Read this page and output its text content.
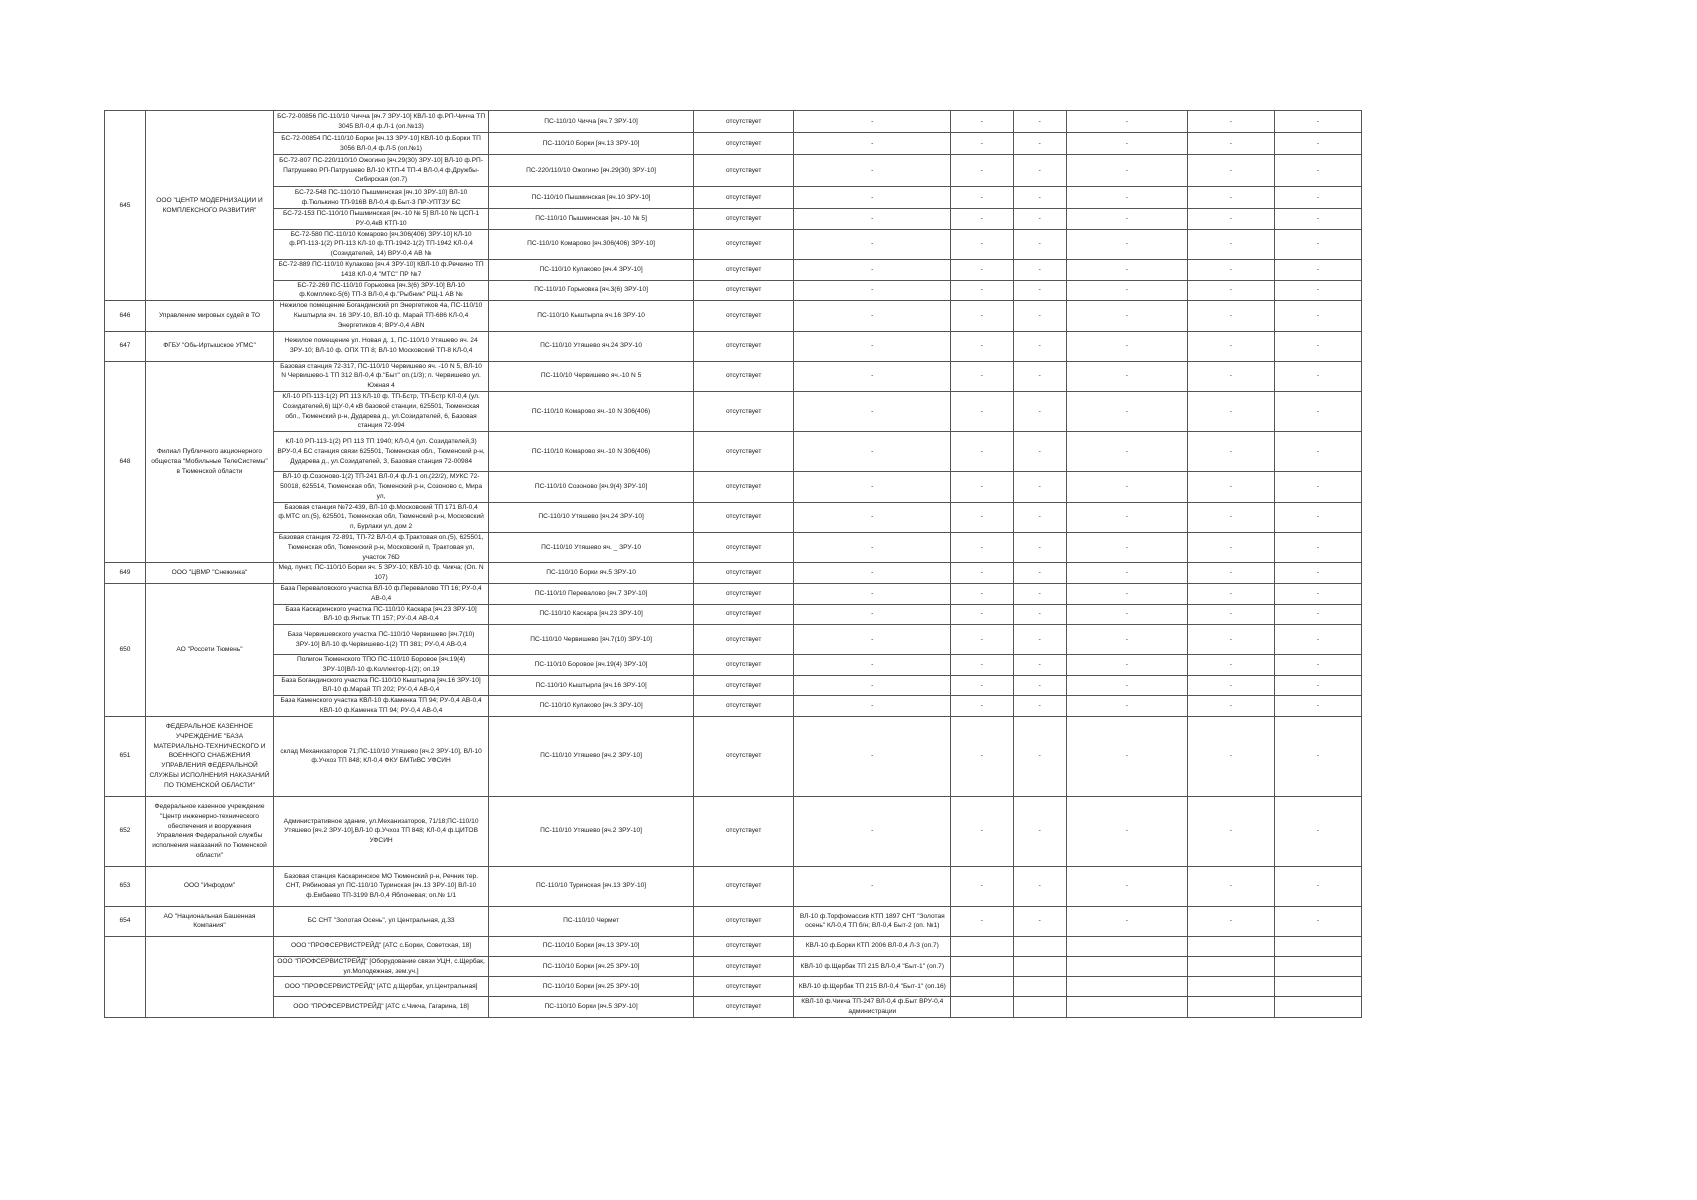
645	ООО "ЦЕНТР МОДЕРНИЗАЦИИ И КОМПЛЕКСНОГО РАЗВИТИЯ"	БС-72-00856 ПС-110/10 Чичча [яч.7 ЗРУ-10] КВЛ-10 ф.РП-Чичча ТП 3045 ВЛ-0,4 ф.Л-1 (оп.№13)	ПС-110/10 Чичча [яч.7 ЗРУ-10]	отсутствует	-	-	-	-	-	-
		БС-72-00854 ПС-110/10 Борки [яч.13 ЗРУ-10] КВЛ-10 ф.Борки ТП 3056 ВЛ-0,4 ф.Л-5 (оп.№1)	ПС-110/10 Борки [яч.13 ЗРУ-10]	отсутствует	-	-	-	-	-	-
		БС-72-807 ПС-220/110/10 Ожогино [яч.29(30) ЗРУ-10] ВЛ-10 ф.РП-Патрушево РП-Патрушево ВЛ-10 КТП-4 ТП-4 ВЛ-0,4 ф.Дружбы-Сибирская (оп.7)	ПС-220/110/10 Ожогино [яч.29(30) ЗРУ-10]	отсутствует	-	-	-	-	-	-
		БС-72-548 ПС-110/10 Пышминская [яч.10 ЗРУ-10] ВЛ-10 ф.Тюлькино ТП-916В ВЛ-0,4 ф.Быт-3 ПР-УПТЗУ БС	ПС-110/10 Пышминская [яч.10 ЗРУ-10]	отсутствует	-	-	-	-	-	-
		БС-72-153 ПС-110/10 Пышминская [яч.-10 № 5] ВЛ-10 № ЦСП-1 РУ-0,4кВ КТП-10	ПС-110/10 Пышминская [яч.-10 № 5]	отсутствует	-	-	-	-	-	-
		БС-72-580 ПС-110/10 Комарово [яч.306(406) ЗРУ-10] КЛ-10 ф.РП-113-1(2) РП-113 КЛ-10 ф.ТП-1942-1(2) ТП-1942 КЛ-0,4 (Созидателей, 14) ВРУ-0,4 АВ №	ПС-110/10 Комарово [яч.306(406) ЗРУ-10]	отсутствует	-	-	-	-	-	-
		БС-72-889 ПС-110/10 Кулаково [яч.4 ЗРУ-10] КВЛ-10 ф.Речкино ТП 1418 КЛ-0,4 "МТС" ПР №7	ПС-110/10 Кулаково [яч.4 ЗРУ-10]	отсутствует	-	-	-	-	-	-
		БС-72-269 ПС-110/10 Горьковка [яч.3(6) ЗРУ-10] ВЛ-10 ф.Комплекс-5(6) ТП-3 ВЛ-0,4 ф."Рыбник" РЩ-1 АВ №	ПС-110/10 Горьковка [яч.3(6) ЗРУ-10]	отсутствует	-	-	-	-	-	-
646	Управление мировых судей в ТО	Нежилое помещение Богандинский рп Энергетиков 4а, ПС-110/10 Кыштырла яч. 16 ЗРУ-10, ВЛ-10 ф. Марай ТП-686 КЛ-0,4 Энергетиков 4; ВРУ-0,4 АВN	ПС-110/10 Кыштырла яч.16 ЗРУ-10	отсутствует	-	-	-	-	-	-
647	ФГБУ "Обь-Иртышское УГМС"	Нежилое помещение ул. Новая д. 1, ПС-110/10 Утяшево яч. 24 ЗРУ-10; ВЛ-10 ф. ОПХ ТП 8; ВЛ-10 Московский ТП-8 КЛ-0,4	ПС-110/10 Утяшево яч.24 ЗРУ-10	отсутствует	-	-	-	-	-	-
648	Филиал Публичного акционерного общества "Мобильные ТелеСистемы" в Тюменской области	Базовая станция 72-317, ПС-110/10 Червишево яч. -10 N 5, ВЛ-10 N Червишево-1 ТП 312 ВЛ-0,4 ф."Быт" оп.(1/3); п. Червишево ул. Южная 4	ПС-110/10 Червишево яч.-10 N 5	отсутствует	-	-	-	-	-	-
		КЛ-10 РП-113-1(2) РП 113 КЛ-10 ф. ТП-Бстр, ТП-Бстр КЛ-0,4 (ул. Созидателей,6) ЩУ-0,4 кВ базовой станции, 625501, Тюменская обл., Тюменский р-н, Дударева д., ул.Созидателей, 6, Базовая станция 72-994	ПС-110/10 Комарово яч.-10 N 306(406)	отсутствует	-	-	-	-	-	-
		КЛ-10 РП-113-1(2) РП 113 ТП 1940; КЛ-0,4 (ул. Созидателей,3) ВРУ-0,4 БС станция связи 625501, Тюменская обл., Тюменский р-н, Дударева д., ул.Созидателей, 3, Базовая станция 72-00984	ПС-110/10 Комарово яч.-10 N 306(406)	отсутствует	-	-	-	-	-	-
		ВЛ-10 ф.Созоново-1(2) ТП-241 ВЛ-0,4 ф.Л-1 оп.(22/2), МУКС 72-50018, 625514, Тюменская обл, Тюменский р-н, Созоново с, Мира ул,	ПС-110/10 Созоново [яч.9(4) ЗРУ-10]	отсутствует	-	-	-	-	-	-
		Базовая станция №72-439, ВЛ-10 ф.Московский ТП 171 ВЛ-0,4 ф.МТС оп.(5), 625501, Тюменская обл, Тюменский р-н, Московский п, Бурлаки ул, дом 2	ПС-110/10 Утяшево [яч.24 ЗРУ-10]	отсутствует	-	-	-	-	-	-
		Базовая станция 72-891, ТП-72 ВЛ-0,4 ф.Трактовая оп.(5), 625501, Тюменская обл, Тюменский р-н, Московский п, Трактовая ул, участок 76D	ПС-110/10 Утяшево яч. _ ЗРУ-10	отсутствует	-	-	-	-	-	-
649	ООО "ЦВМР "Снежинка"	Мед. пункт, ПС-110/10 Борки яч. 5 ЗРУ-10; КВЛ-10 ф. Чикча; (Оп. N 107)	ПС-110/10 Борки яч.5 ЗРУ-10	отсутствует	-	-	-	-	-	-
650	АО "Россети Тюмень"	База Переваловского участка ВЛ-10 ф.Перевалово ТП 16; РУ-0,4 АВ-0,4	ПС-110/10 Перевалово [яч.7 ЗРУ-10]	отсутствует	-	-	-	-	-	-
		База Каскаринского участка ПС-110/10 Каскара [яч.23 ЗРУ-10] ВЛ-10 ф.Янтык ТП 157; РУ-0,4 АВ-0,4	ПС-110/10 Каскара [яч.23 ЗРУ-10]	отсутствует	-	-	-	-	-	-
		База Червишевского участка ПС-110/10 Червишево [яч.7(10) ЗРУ-10] ВЛ-10 ф.Червишево-1(2) ТП 381; РУ-0,4 АВ-0,4	ПС-110/10 Червишево [яч.7(10) ЗРУ-10]	отсутствует	-	-	-	-	-	-
		Полигон Тюменского ТПО ПС-110/10 Боровое [яч.19(4) ЗРУ-10]ВЛ-10 ф.Коллектор-1(2); оп.19	ПС-110/10 Боровое [яч.19(4) ЗРУ-10]	отсутствует	-	-	-	-	-	-
		База Богандинского участка ПС-110/10 Кыштырла [яч.16 ЗРУ-10] ВЛ-10 ф.Марай ТП 202; РУ-0,4 АВ-0,4	ПС-110/10 Кыштырла [яч.16 ЗРУ-10]	отсутствует	-	-	-	-	-	-
		База Каменского участка КВЛ-10 ф.Каменка ТП 94; РУ-0,4 АВ-0,4 КВЛ-10 ф.Каменка ТП 94; РУ-0,4 АВ-0,4	ПС-110/10 Кулаково [яч.3 ЗРУ-10]	отсутствует	-	-	-	-	-	-
651	ФЕДЕРАЛЬНОЕ КАЗЕННОЕ УЧРЕЖДЕНИЕ "БАЗА МАТЕРИАЛЬНО-ТЕХНИЧЕСКОГО И ВОЕННОГО СНАБЖЕНИЯ УПРАВЛЕНИЯ ФЕДЕРАЛЬНОЙ СЛУЖБЫ ИСПОЛНЕНИЯ НАКАЗАНИЙ ПО ТЮМЕНСКОЙ ОБЛАСТИ"	склад Механизаторов 71;ПС-110/10 Утяшево [яч.2 ЗРУ-10], ВЛ-10 ф.Учхоз ТП 848; КЛ-0,4 ФКУ БМТиВС УФСИН	ПС-110/10 Утяшево [яч.2 ЗРУ-10]	отсутствует	-	-	-	-	-	-
652	Федеральное казенное учреждение "Центр инженерно-технического обеспечения и вооружения Управления Федеральной службы исполнения наказаний по Тюменской области"	Административное здание, ул.Механизаторов, 71/18;ПС-110/10 Утяшево [яч.2 ЗРУ-10],ВЛ-10 ф.Учхоз ТП 848; КЛ-0,4 ф.ЦИТОВ УФСИН	ПС-110/10 Утяшево [яч.2 ЗРУ-10]	отсутствует	-	-	-	-	-	-
653	ООО "Инфодом"	Базовая станция Каскаринское МО Тюменский р-н, Речник тер. СНТ, Рябиновая ул ПС-110/10 Туринская [яч.13 ЗРУ-10] ВЛ-10 ф.Ембаево ТП-3199 ВЛ-0,4 Яблоневая; оп.№ 1/1	ПС-110/10 Туринская [яч.13 ЗРУ-10]	отсутствует	-	-	-	-	-	-
654	АО "Национальная Башенная Компания"	БС СНТ "Золотая Осень", ул Центральная, д.33	ПС-110/10 Чермет	отсутствует	ВЛ-10 ф.Торфомассив КТП 1897 СНТ "Золотая осень" КЛ-0,4 ТП б/н; ВЛ-0,4 Быт-2 (оп. №1)	-	-	-	-	-
		ООО "ПРОФСЕРВИСТРЕЙД" [АТС с.Борки, Советская, 18]	ПС-110/10 Борки [яч.13 ЗРУ-10]	отсутствует	КВЛ-10 ф.Борки КТП 2006 ВЛ-0,4 Л-3 (оп.7)					
		ООО "ПРОФСЕРВИСТРЕЙД" [Оборудование связи УЦН, с.Щербак, ул.Молодежная, зем.уч.]	ПС-110/10 Борки [яч.25 ЗРУ-10]	отсутствует	КВЛ-10 ф.Щербак ТП 215 ВЛ-0,4 "Быт-1" (оп.7)					
		ООО "ПРОФСЕРВИСТРЕЙД" [АТС д.Щербак, ул.Центральная]	ПС-110/10 Борки [яч.25 ЗРУ-10]	отсутствует	КВЛ-10 ф.Щербак ТП 215 ВЛ-0,4 "Быт-1" (оп.16)					
		ООО "ПРОФСЕРВИСТРЕЙД" [АТС с.Чикча, Гагарина, 18]	ПС-110/10 Борки [яч.5 ЗРУ-10]	отсутствует	КВЛ-10 ф.Чикча ТП-247 ВЛ-0,4 ф.Быт ВРУ-0,4 администрации					
